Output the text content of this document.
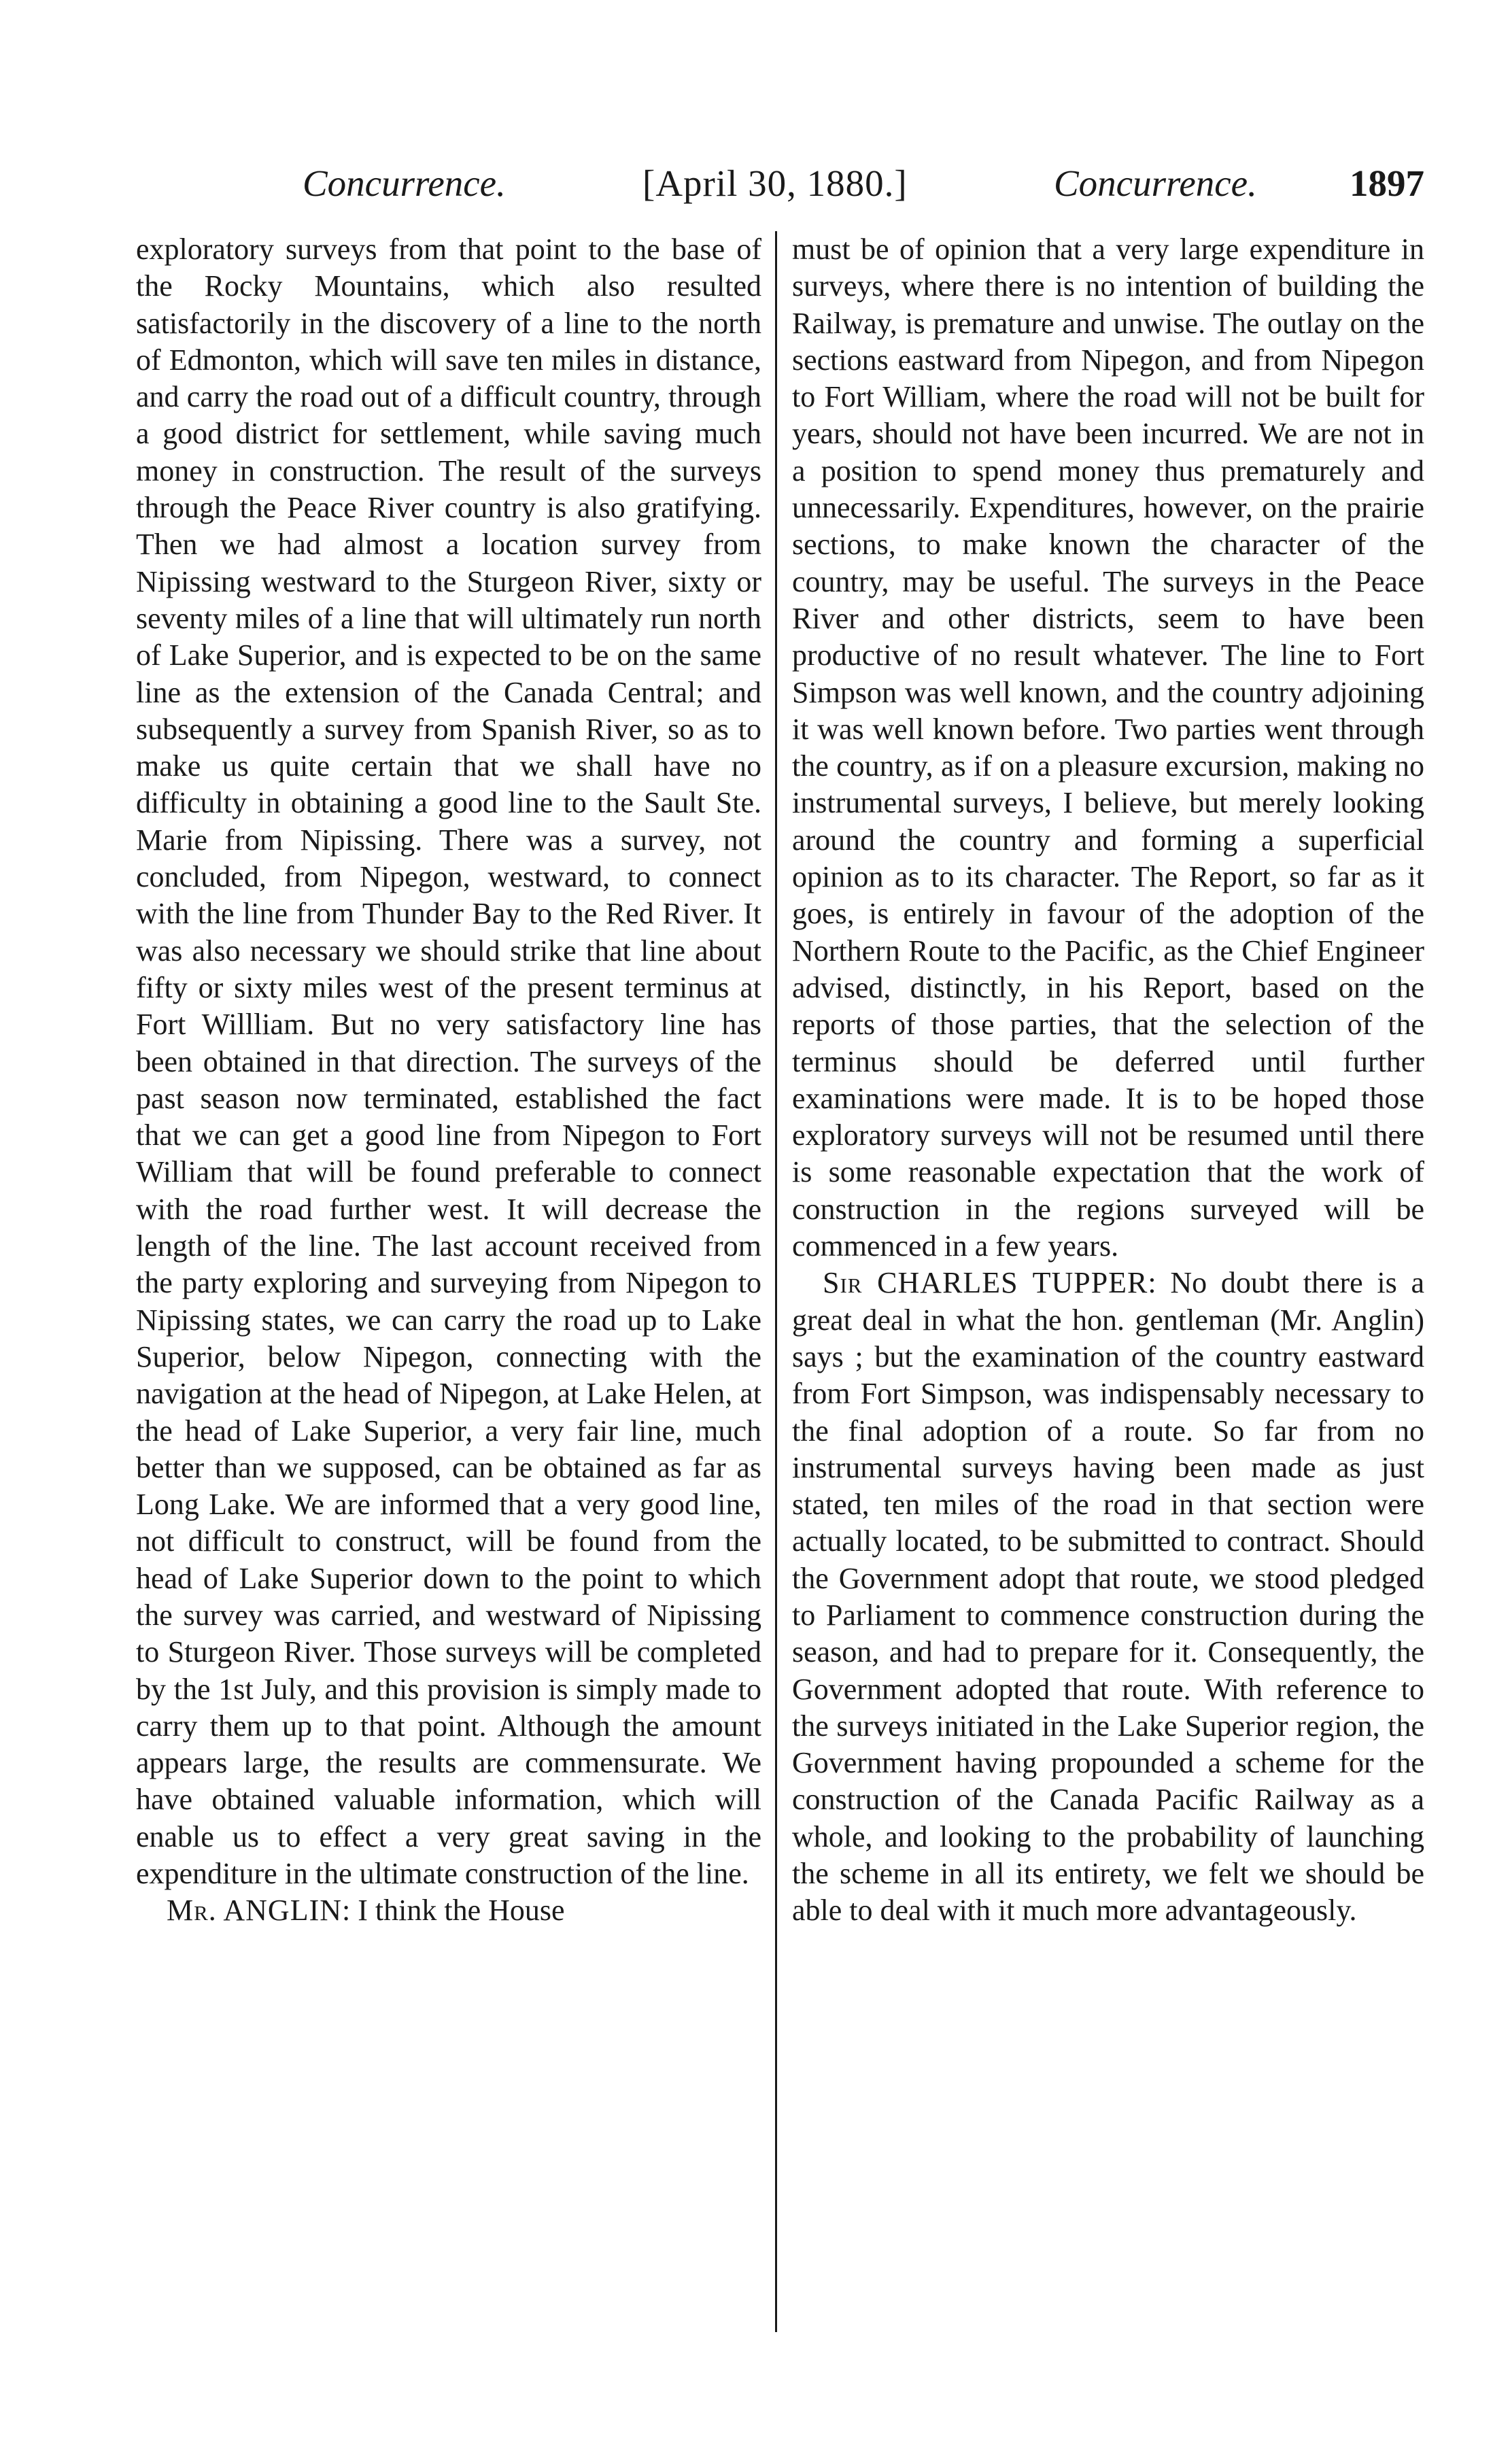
Concurrence.	[April 30, 1880.]	Concurrence. 1897

exploratory surveys from that point to the base of the Rocky Mountains, which also resulted satisfactorily in the discovery of a line to the north of Edmonton, which will save ten miles in distance, and carry the road out of a difficult country, through a good district for settlement, while saving much money in construction. The result of the surveys through the Peace River country is also gratifying. Then we had almost a location survey from Nipissing westward to the Sturgeon River, sixty or seventy miles of a line that will ultimately run north of Lake Superior, and is expected to be on the same line as the extension of the Canada Central; and subsequently a survey from Spanish River, so as to make us quite certain that we shall have no difficulty in obtaining a good line to the Sault Ste. Marie from Nipissing. There was a survey, not concluded, from Nipegon, westward, to connect with the line from Thunder Bay to the Red River. It was also necessary we should strike that line about fifty or sixty miles west of the present terminus at Fort Willliam. But no very satisfactory line has been obtained in that direction. The surveys of the past season now terminated, established the fact that we can get a good line from Nipegon to Fort William that will be found preferable to connect with the road further west. It will decrease the length of the line. The last account received from the party exploring and surveying from Nipegon to Nipissing states, we can carry the road up to Lake Superior, below Nipegon, connecting with the navigation at the head of Nipegon, at Lake Helen, at the head of Lake Superior, a very fair line, much better than we supposed, can be obtained as far as Long Lake. We are informed that a very good line, not difficult to construct, will be found from the head of Lake Superior down to the point to which the survey was carried, and westward of Nipissing to Sturgeon River. Those surveys will be completed by the 1st July, and this provision is simply made to carry them up to that point. Although the amount appears large, the results are commensurate. We have obtained valuable information, which will enable us to effect a very great saving in the expenditure in the ultimate construction of the line.

Mr. ANGLIN: I think the House

must be of opinion that a very large expenditure in surveys, where there is no intention of building the Railway, is premature and unwise. The outlay on the sections eastward from Nipegon, and from Nipegon to Fort William, where the road will not be built for years, should not have been incurred. We are not in a position to spend money thus prematurely and unnecessarily. Expenditures, however, on the prairie sections, to make known the character of the country, may be useful. The surveys in the Peace River and other districts, seem to have been productive of no result whatever. The line to Fort Simpson was well known, and the country adjoining it was well known before. Two parties went through the country, as if on a pleasure excursion, making no instrumental surveys, I believe, but merely looking around the country and forming a superficial opinion as to its character. The Report, so far as it goes, is entirely in favour of the adoption of the Northern Route to the Pacific, as the Chief Engineer advised, distinctly, in his Report, based on the reports of those parties, that the selection of the terminus should be deferred until further examinations were made. It is to be hoped those exploratory surveys will not be resumed until there is some reasonable expectation that the work of construction in the regions surveyed will be commenced in a few years.

Sir CHARLES TUPPER: No doubt there is a great deal in what the hon. gentleman (Mr. Anglin) says ; but the examination of the country eastward from Fort Simpson, was indispensably necessary to the final adoption of a route. So far from no instrumental surveys having been made as just stated, ten miles of the road in that section were actually located, to be submitted to contract. Should the Government adopt that route, we stood pledged to Parliament to commence construction during the season, and had to prepare for it. Consequently, the Government adopted that route. With reference to the surveys initiated in the Lake Superior region, the Government having propounded a scheme for the construction of the Canada Pacific Railway as a whole, and looking to the probability of launching the scheme in all its entirety, we felt we should be able to deal with it much more advantageously.
